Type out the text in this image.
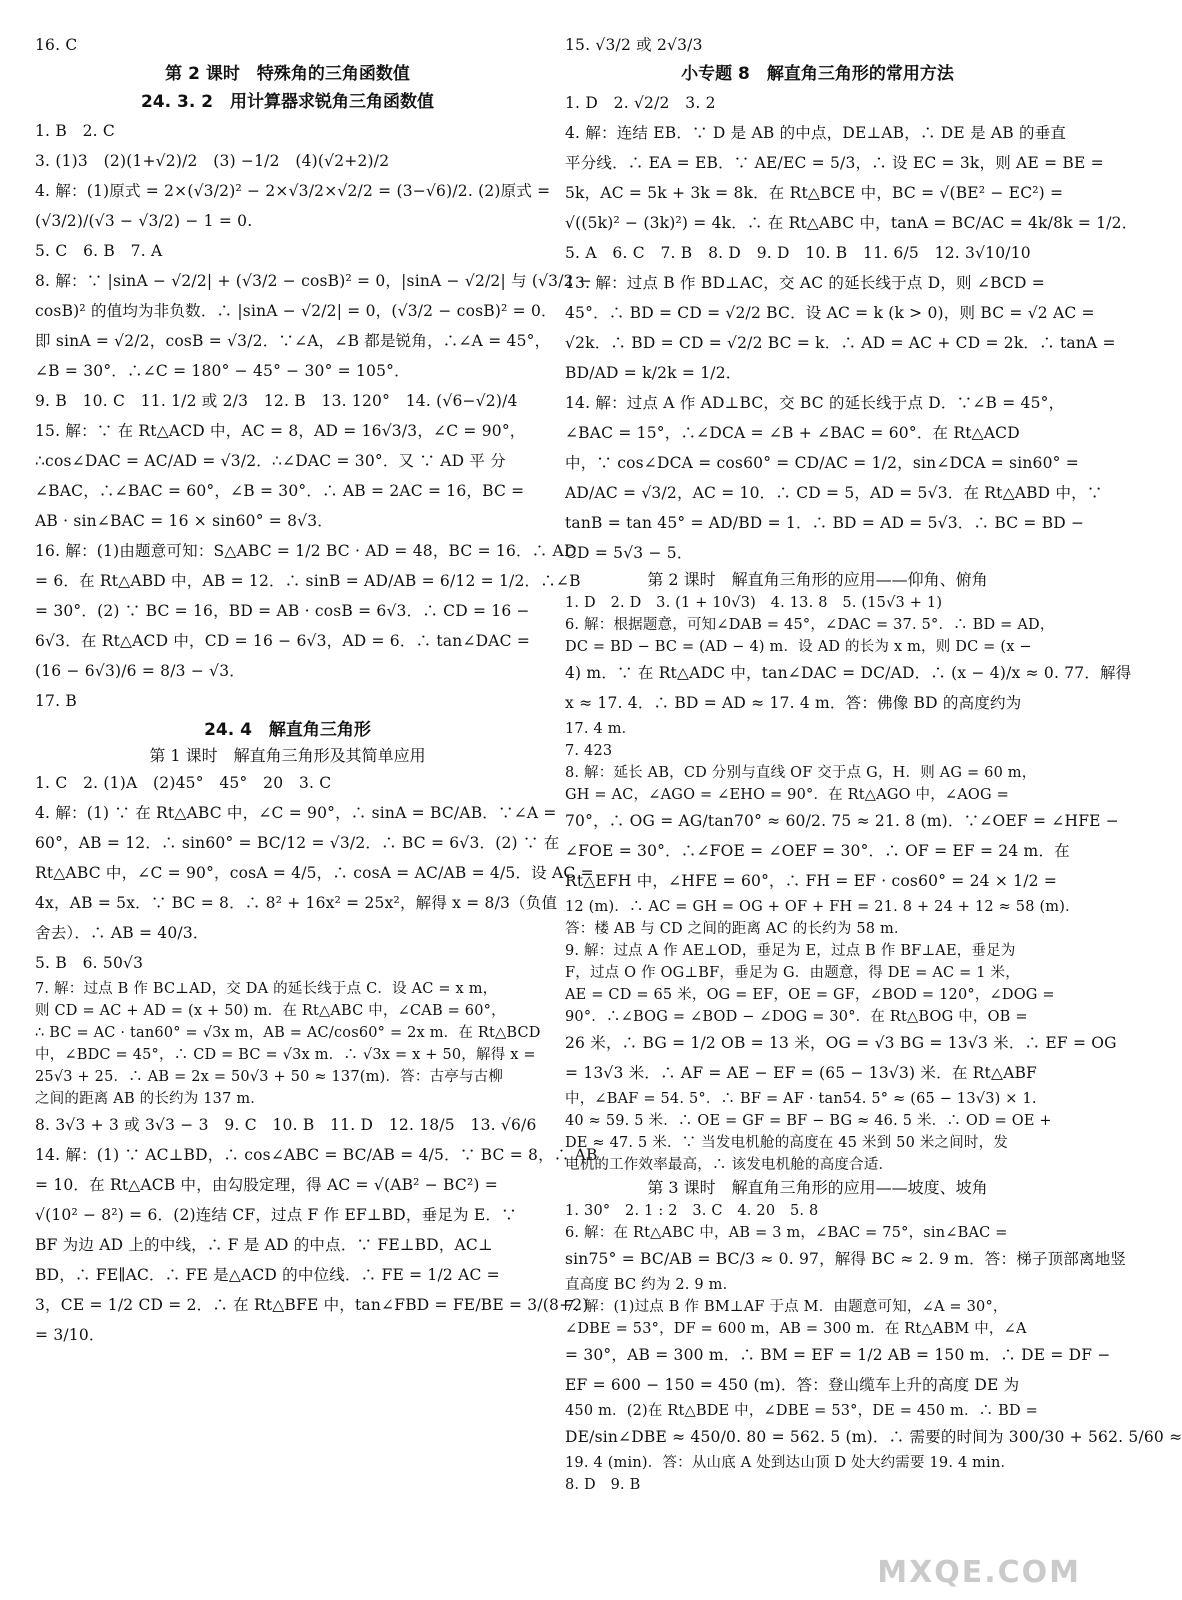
16. C
第 2 课时　特殊角的三角函数值
24. 3. 2　用计算器求锐角三角函数值
1. B　2. C
3. (1)3　(2)(1+√2)/2　(3) −1/2　(4)(√2+2)/2
4. 解：(1)原式 = 2×(√3/2)² − 2×√3/2×√2/2 = (3−√6)/2. (2)原式 =
(√3/2)/(√3 − √3/2) − 1 = 0.
5. C　6. B　7. A
8. 解：∵ |sinA − √2/2| + (√3/2 − cosB)² = 0，|sinA − √2/2| 与 (√3/2 −
cosB)² 的值均为非负数．∴ |sinA − √2/2| = 0，(√3/2 − cosB)² = 0．
即 sinA = √2/2，cosB = √3/2．∵∠A，∠B 都是锐角，∴∠A = 45°，
∠B = 30°．∴∠C = 180° − 45° − 30° = 105°．
9. B　10. C　11. 1/2 或 2/3　12. B　13. 120°　14. (√6−√2)/4
15. 解：∵ 在 Rt△ACD 中，AC = 8，AD = 16√3/3，∠C = 90°，
∴cos∠DAC = AC/AD = √3/2．∴∠DAC = 30°．又 ∵ AD 平 分
∠BAC，∴∠BAC = 60°，∠B = 30°．∴ AB = 2AC = 16，BC =
AB · sin∠BAC = 16 × sin60° = 8√3．
16. 解：(1)由题意可知：S△ABC = 1/2 BC · AD = 48，BC = 16．∴ AD
= 6．在 Rt△ABD 中，AB = 12．∴ sinB = AD/AB = 6/12 = 1/2．∴∠B
= 30°．(2) ∵ BC = 16，BD = AB · cosB = 6√3．∴ CD = 16 −
6√3．在 Rt△ACD 中，CD = 16 − 6√3，AD = 6．∴ tan∠DAC =
(16 − 6√3)/6 = 8/3 − √3．
17. B
24. 4　解直角三角形
第 1 课时　解直角三角形及其简单应用
1. C　2. (1)A　(2)45°　45°　20　3. C
4. 解：(1) ∵ 在 Rt△ABC 中，∠C = 90°，∴ sinA = BC/AB．∵∠A =
60°，AB = 12．∴ sin60° = BC/12 = √3/2．∴ BC = 6√3．(2) ∵ 在
Rt△ABC 中，∠C = 90°，cosA = 4/5，∴ cosA = AC/AB = 4/5．设 AC =
4x，AB = 5x．∵ BC = 8．∴ 8² + 16x² = 25x²，解得 x = 8/3（负值
舍去）．∴ AB = 40/3．
5. B　6. 50√3
7. 解：过点 B 作 BC⊥AD，交 DA 的延长线于点 C．设 AC = x m，
则 CD = AC + AD = (x + 50) m．在 Rt△ABC 中，∠CAB = 60°，
∴ BC = AC · tan60° = √3x m，AB = AC/cos60° = 2x m．在 Rt△BCD
中，∠BDC = 45°，∴ CD = BC = √3x m．∴ √3x = x + 50，解得 x =
25√3 + 25．∴ AB = 2x = 50√3 + 50 ≈ 137(m)．答：古亭与古柳
之间的距离 AB 的长约为 137 m．
8. 3√3 + 3 或 3√3 − 3　9. C　10. B　11. D　12. 18/5　13. √6/6
14. 解：(1) ∵ AC⊥BD，∴ cos∠ABC = BC/AB = 4/5．∵ BC = 8，∴ AB
= 10．在 Rt△ACB 中，由勾股定理，得 AC = √(AB² − BC²) =
√(10² − 8²) = 6．(2)连结 CF，过点 F 作 EF⊥BD，垂足为 E．∵
BF 为边 AD 上的中线，∴ F 是 AD 的中点．∵ FE⊥BD，AC⊥
BD，∴ FE∥AC．∴ FE 是△ACD 的中位线．∴ FE = 1/2 AC =
3，CE = 1/2 CD = 2．∴ 在 Rt△BFE 中，tan∠FBD = FE/BE = 3/(8+2)
= 3/10．
15. √3/2 或 2√3/3
小专题 8　解直角三角形的常用方法
1. D　2. √2/2　3. 2
4. 解：连结 EB．∵ D 是 AB 的中点，DE⊥AB，∴ DE 是 AB 的垂直
平分线．∴ EA = EB．∵ AE/EC = 5/3，∴ 设 EC = 3k，则 AE = BE =
5k，AC = 5k + 3k = 8k．在 Rt△BCE 中，BC = √(BE² − EC²) =
√((5k)² − (3k)²) = 4k．∴ 在 Rt△ABC 中，tanA = BC/AC = 4k/8k = 1/2．
5. A　6. C　7. B　8. D　9. D　10. B　11. 6/5　12. 3√10/10
13. 解：过点 B 作 BD⊥AC，交 AC 的延长线于点 D，则 ∠BCD =
45°．∴ BD = CD = √2/2 BC．设 AC = k (k > 0)，则 BC = √2 AC =
√2k．∴ BD = CD = √2/2 BC = k．∴ AD = AC + CD = 2k．∴ tanA =
BD/AD = k/2k = 1/2．
14. 解：过点 A 作 AD⊥BC，交 BC 的延长线于点 D．∵∠B = 45°，
∠BAC = 15°，∴∠DCA = ∠B + ∠BAC = 60°．在 Rt△ACD
中，∵ cos∠DCA = cos60° = CD/AC = 1/2，sin∠DCA = sin60° =
AD/AC = √3/2，AC = 10．∴ CD = 5，AD = 5√3．在 Rt△ABD 中，∵
tanB = tan 45° = AD/BD = 1．∴ BD = AD = 5√3．∴ BC = BD −
CD = 5√3 − 5．
第 2 课时　解直角三角形的应用——仰角、俯角
1. D　2. D　3. (1 + 10√3)　4. 13. 8　5. (15√3 + 1)
6. 解：根据题意，可知∠DAB = 45°，∠DAC = 37. 5°．∴ BD = AD，
DC = BD − BC = (AD − 4) m．设 AD 的长为 x m，则 DC = (x −
4) m．∵ 在 Rt△ADC 中，tan∠DAC = DC/AD．∴ (x − 4)/x ≈ 0. 77．解得
x ≈ 17. 4．∴ BD = AD ≈ 17. 4 m．答：佛像 BD 的高度约为
17. 4 m．
7. 423
8. 解：延长 AB，CD 分别与直线 OF 交于点 G，H．则 AG = 60 m，
GH = AC，∠AGO = ∠EHO = 90°．在 Rt△AGO 中，∠AOG =
70°，∴ OG = AG/tan70° ≈ 60/2. 75 ≈ 21. 8 (m)．∵∠OEF = ∠HFE −
∠FOE = 30°．∴∠FOE = ∠OEF = 30°．∴ OF = EF = 24 m．在
Rt△EFH 中，∠HFE = 60°，∴ FH = EF · cos60° = 24 × 1/2 =
12 (m)．∴ AC = GH = OG + OF + FH = 21. 8 + 24 + 12 ≈ 58 (m)．
答：楼 AB 与 CD 之间的距离 AC 的长约为 58 m．
9. 解：过点 A 作 AE⊥OD，垂足为 E，过点 B 作 BF⊥AE，垂足为
F，过点 O 作 OG⊥BF，垂足为 G．由题意，得 DE = AC = 1 米，
AE = CD = 65 米，OG = EF，OE = GF，∠BOD = 120°，∠DOG =
90°．∴∠BOG = ∠BOD − ∠DOG = 30°．在 Rt△BOG 中，OB =
26 米，∴ BG = 1/2 OB = 13 米，OG = √3 BG = 13√3 米．∴ EF = OG
= 13√3 米．∴ AF = AE − EF = (65 − 13√3) 米．在 Rt△ABF
中，∠BAF = 54. 5°．∴ BF = AF · tan54. 5° ≈ (65 − 13√3) × 1.
40 ≈ 59. 5 米．∴ OE = GF = BF − BG ≈ 46. 5 米．∴ OD = OE +
DE ≈ 47. 5 米．∵ 当发电机舱的高度在 45 米到 50 米之间时，发
电机的工作效率最高，∴ 该发电机舱的高度合适．
第 3 课时　解直角三角形的应用——坡度、坡角
1. 30°　2. 1 : 2　3. C　4. 20　5. 8
6. 解：在 Rt△ABC 中，AB = 3 m，∠BAC = 75°，sin∠BAC =
sin75° = BC/AB = BC/3 ≈ 0. 97，解得 BC ≈ 2. 9 m．答：梯子顶部离地竖
直高度 BC 约为 2. 9 m．
7. 解：(1)过点 B 作 BM⊥AF 于点 M．由题意可知，∠A = 30°，
∠DBE = 53°，DF = 600 m，AB = 300 m．在 Rt△ABM 中，∠A
= 30°，AB = 300 m．∴ BM = EF = 1/2 AB = 150 m．∴ DE = DF −
EF = 600 − 150 = 450 (m)．答：登山缆车上升的高度 DE 为
450 m．(2)在 Rt△BDE 中，∠DBE = 53°，DE = 450 m．∴ BD =
DE/sin∠DBE ≈ 450/0. 80 = 562. 5 (m)．∴ 需要的时间为 300/30 + 562. 5/60 ≈
19. 4 (min)．答：从山底 A 处到达山顶 D 处大约需要 19. 4 min．
8. D　9. B
MXQE.COM
